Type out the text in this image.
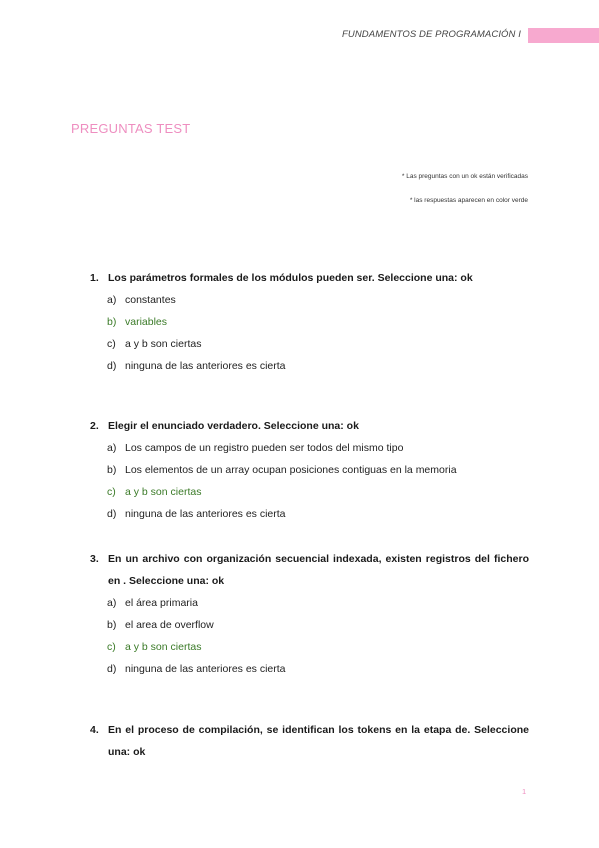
FUNDAMENTOS DE PROGRAMACIÓN I
PREGUNTAS TEST
* Las preguntas con un ok están verificadas
* las respuestas aparecen en color verde
1. Los parámetros formales de los módulos pueden ser. Seleccione una: ok
a) constantes
b) variables
c) a y b son ciertas
d) ninguna de las anteriores es cierta
2. Elegir el enunciado verdadero. Seleccione una: ok
a) Los campos de un registro pueden ser todos del mismo tipo
b) Los elementos de un array ocupan posiciones contiguas en la memoria
c) a y b son ciertas
d) ninguna de las anteriores es cierta
3. En un archivo con organización secuencial indexada, existen registros del fichero en . Seleccione una: ok
a) el área primaria
b) el area de overflow
c) a y b son ciertas
d) ninguna de las anteriores es cierta
4. En el proceso de compilación, se identifican los tokens en la etapa de. Seleccione una: ok
1
